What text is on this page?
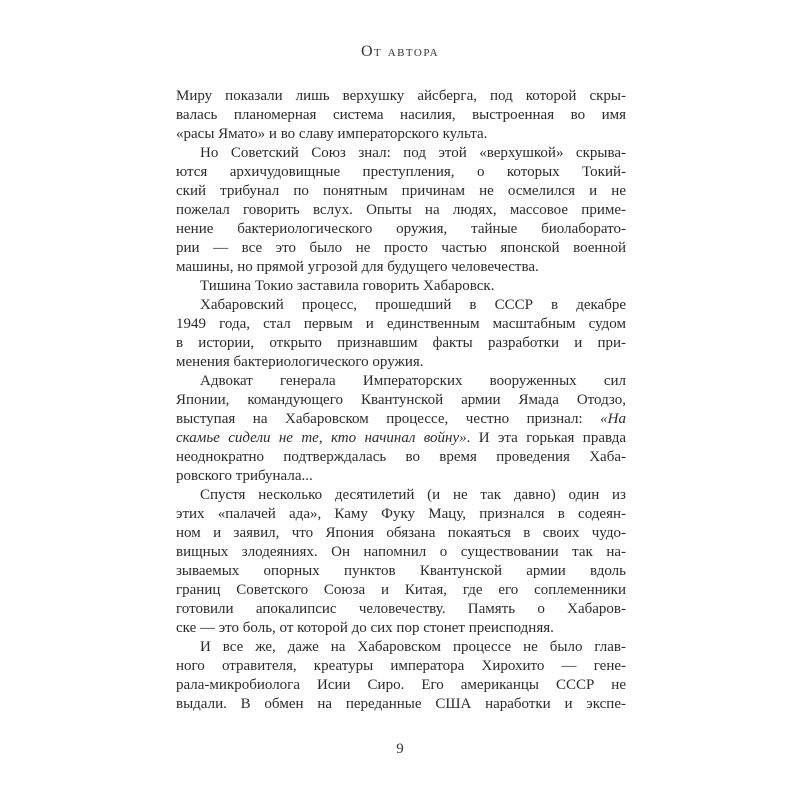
От автора
Миру показали лишь верхушку айсберга, под которой скры-
валась планомерная система насилия, выстроенная во имя
«расы Ямато» и во славу императорского культа.
Но Советский Союз знал: под этой «верхушкой» скрыва-
ются архичудовищные преступления, о которых Токий-
ский трибунал по понятным причинам не осмелился и не
пожелал говорить вслух. Опыты на людях, массовое приме-
нение бактериологического оружия, тайные биолаборато-
рии — все это было не просто частью японской военной
машины, но прямой угрозой для будущего человечества.
Тишина Токио заставила говорить Хабаровск.
Хабаровский процесс, прошедший в СССР в декабре
1949 года, стал первым и единственным масштабным судом
в истории, открыто признавшим факты разработки и при-
менения бактериологического оружия.
Адвокат генерала Императорских вооруженных сил
Японии, командующего Квантунской армии Ямада Отодзо,
выступая на Хабаровском процессе, честно признал: «На
скамье сидели не те, кто начинал войну». И эта горькая правда
неоднократно подтверждалась во время проведения Хаба-
ровского трибунала...
Спустя несколько десятилетий (и не так давно) один из
этих «палачей ада», Каму Фуку Мацу, признался в содеян-
ном и заявил, что Япония обязана покаяться в своих чудо-
вищных злодеяниях. Он напомнил о существовании так на-
зываемых опорных пунктов Квантунской армии вдоль
границ Советского Союза и Китая, где его соплеменники
готовили апокалипсис человечеству. Память о Хабаров-
ске — это боль, от которой до сих пор стонет преисподняя.
И все же, даже на Хабаровском процессе не было глав-
ного отравителя, креатуры императора Хирохито — гене-
рала-микробиолога Исии Сиро. Его американцы СССР не
выдали. В обмен на переданные США наработки и экспе-
9
